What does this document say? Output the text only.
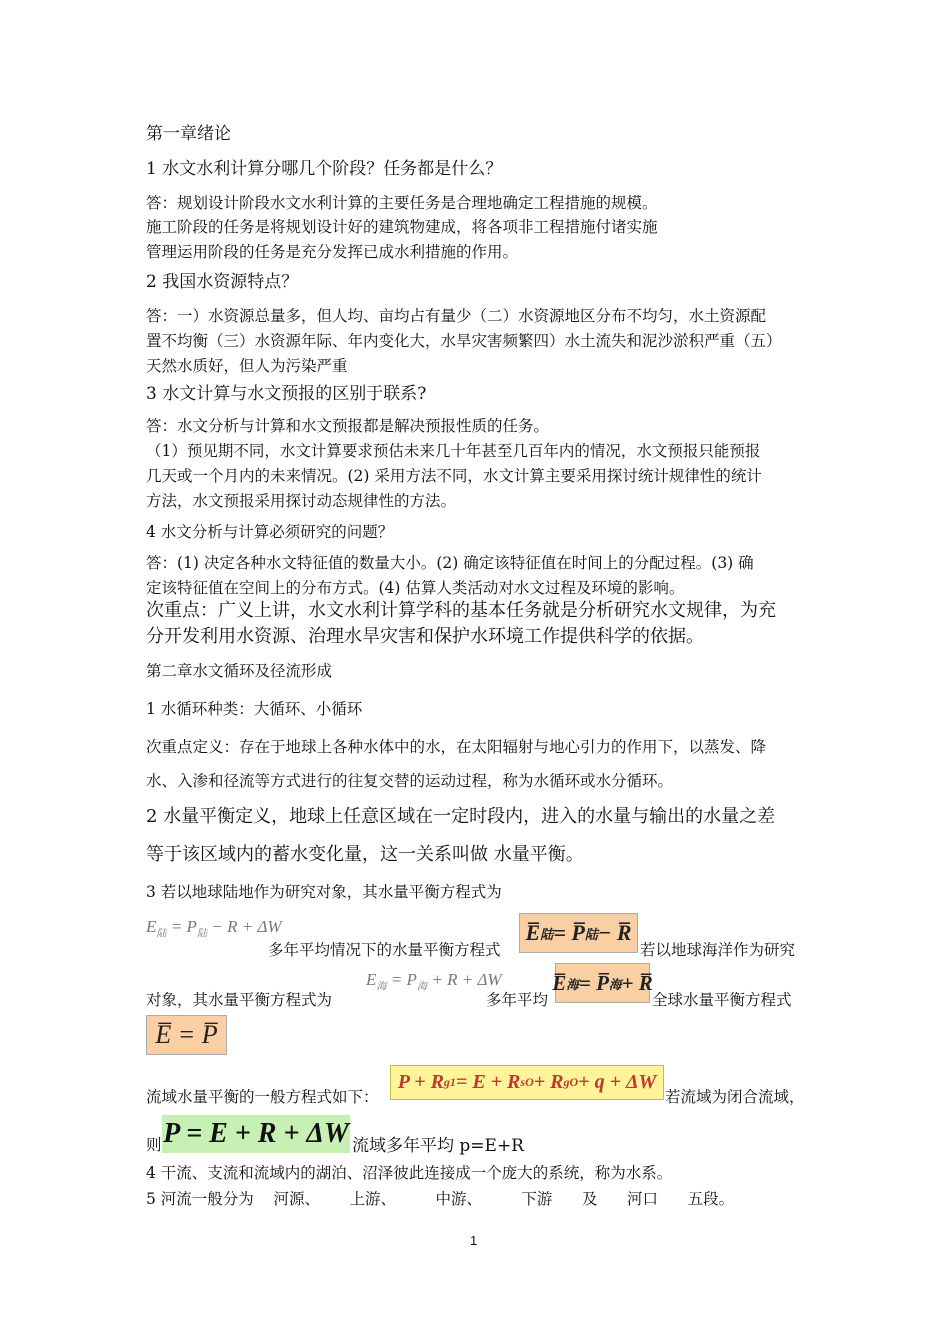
第一章绪论
1 水文水利计算分哪几个阶段？任务都是什么？
答：规划设计阶段水文水利计算的主要任务是合理地确定工程措施的规模。
施工阶段的任务是将规划设计好的建筑物建成，将各项非工程措施付诸实施
管理运用阶段的任务是充分发挥已成水利措施的作用。
2 我国水资源特点？
答：一）水资源总量多，但人均、亩均占有量少（二）水资源地区分布不均匀，水土资源配
置不均衡（三）水资源年际、年内变化大，水旱灾害频繁四）水土流失和泥沙淤积严重（五）
天然水质好，但人为污染严重
3 水文计算与水文预报的区别于联系?
答：水文分析与计算和水文预报都是解决预报性质的任务。
（1）预见期不同，水文计算要求预估未来几十年甚至几百年内的情况，水文预报只能预报
几天或一个月内的未来情况。(2) 采用方法不同，水文计算主要采用探讨统计规律性的统计
方法，水文预报采用探讨动态规律性的方法。
4 水文分析与计算必须研究的问题？
答：(1) 决定各种水文特征值的数量大小。(2) 确定该特征值在时间上的分配过程。(3) 确
定该特征值在空间上的分布方式。(4) 估算人类活动对水文过程及环境的影响。
次重点：广义上讲，水文水利计算学科的基本任务就是分析研究水文规律，为充
分开发利用水资源、治理水旱灾害和保护水环境工作提供科学的依据。
第二章水文循环及径流形成
1 水循环种类：大循环、小循环
次重点定义：存在于地球上各种水体中的水，在太阳辐射与地心引力的作用下，以蒸发、降
水、入渗和径流等方式进行的往复交替的运动过程，称为水循环或水分循环。
2 水量平衡定义，地球上任意区域在一定时段内，进入的水量与输出的水量之差
等于该区域内的蓄水变化量，这一关系叫做 水量平衡。
3 若以地球陆地作为研究对象，其水量平衡方程式为
$E_陆 = P_陆 - R + \Delta W$
多年平均情况下的水量平衡方程式
E̅ 陆 = P̅ 陆 − R̅
若以地球海洋作为研究
对象，其水量平衡方程式为
$E_海 = P_海 + R + \Delta W$
多年平均
E̅ 海 = P̅ 海 + R̅
全球水量平衡方程式
E̅ = P̅
流域水量平衡的一般方程式如下：
P + R g1 = E + R sO + R gO + q + ΔW
若流域为闭合流域，
则 P = E + R + ΔW 流域多年平均 p=E+R
4 干流、支流和流域内的湖泊、沼泽彼此连接成一个庞大的系统，称为水系。
5 河流一般分为    河源、      上游、        中游、        下游      及      河口      五段。
1
